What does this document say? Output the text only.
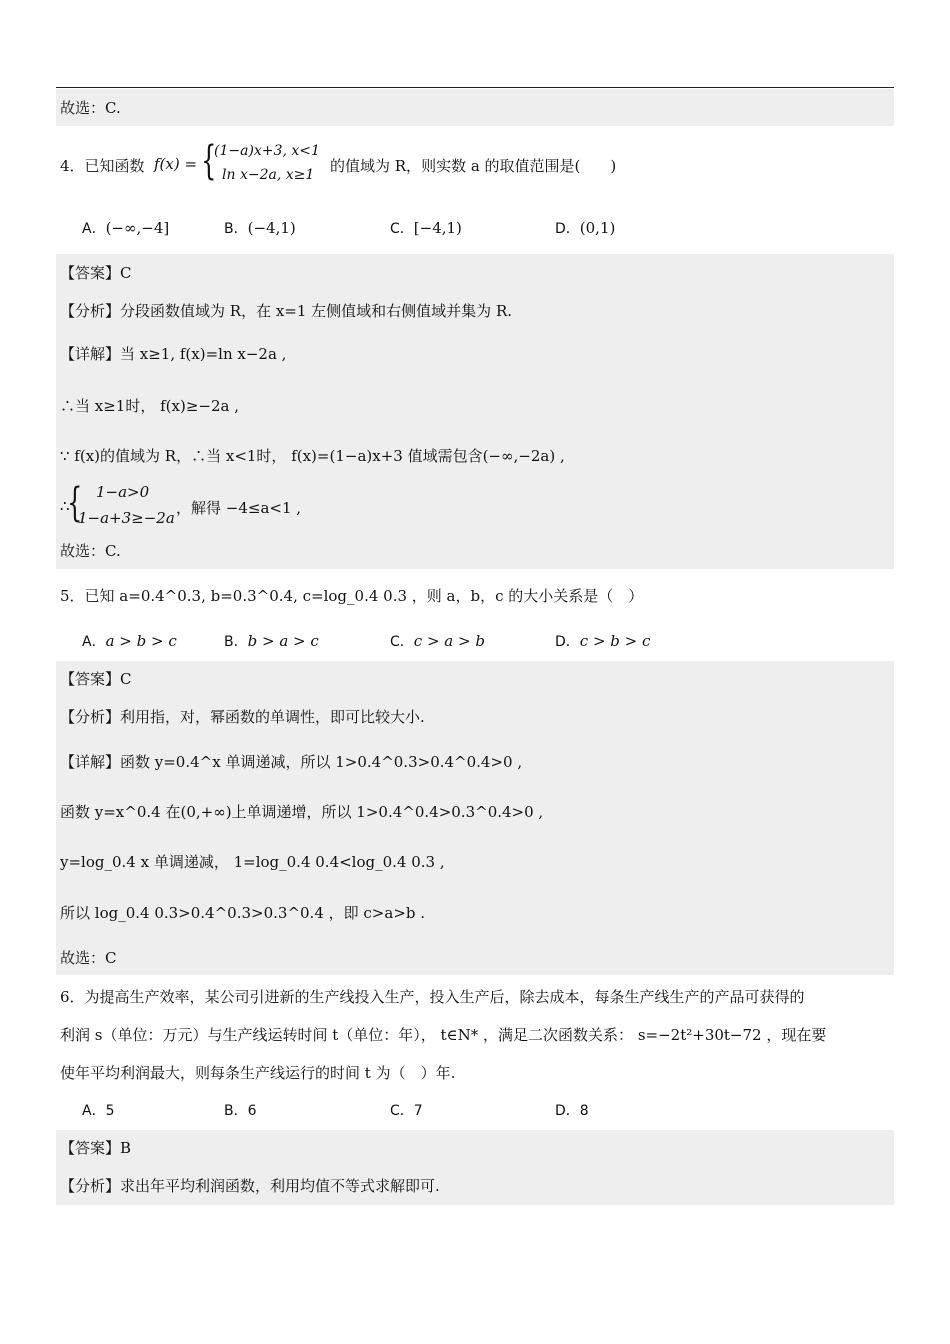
故选：C.
4．已知函数 f(x) = {
(1−a)x+3, x<1
ln x−2a, x≥1 的值域为 R，则实数 a 的取值范围是(　　)
A．(−∞,−4]	B．(−4,1)	C．[−4,1)	D．(0,1)
【答案】C
【分析】分段函数值域为 R，在 x=1 左侧值域和右侧值域并集为 R.
【详解】当 x≥1, f(x)=ln x−2a ,
∴当 x≥1时， f(x)≥−2a ,
∵ f(x)的值域为 R，∴当 x<1时， f(x)=(1−a)x+3 值域需包含(−∞,−2a) ,
∴
{ 1−a>0
1−a+3≥−2a
，解得 −4≤a<1 ,
故选：C.
5．已知 a=0.4^0.3, b=0.3^0.4, c=log_0.4 0.3 ，则 a，b，c 的大小关系是（　）
A．a > b > c	B．b > a > c	C．c > a > b	D．c > b > c
【答案】C
【分析】利用指，对，幂函数的单调性，即可比较大小.
【详解】函数 y=0.4^x 单调递减，所以 1>0.4^0.3>0.4^0.4>0 ,
函数 y=x^0.4 在(0,+∞)上单调递增，所以 1>0.4^0.4>0.3^0.4>0 ,
y=log_0.4 x 单调递减， 1=log_0.4 0.4<log_0.4 0.3 ,
所以 log_0.4 0.3>0.4^0.3>0.3^0.4 ，即 c>a>b .
故选：C
6．为提高生产效率，某公司引进新的生产线投入生产，投入生产后，除去成本，每条生产线生产的产品可获得的
利润 s（单位：万元）与生产线运转时间 t（单位：年）， t∈N* ，满足二次函数关系： s=−2t²+30t−72 ，现在要
使年平均利润最大，则每条生产线运行的时间 t 为（　）年.
A．5	B．6	C．7	D．8
【答案】B
【分析】求出年平均利润函数，利用均值不等式求解即可.
